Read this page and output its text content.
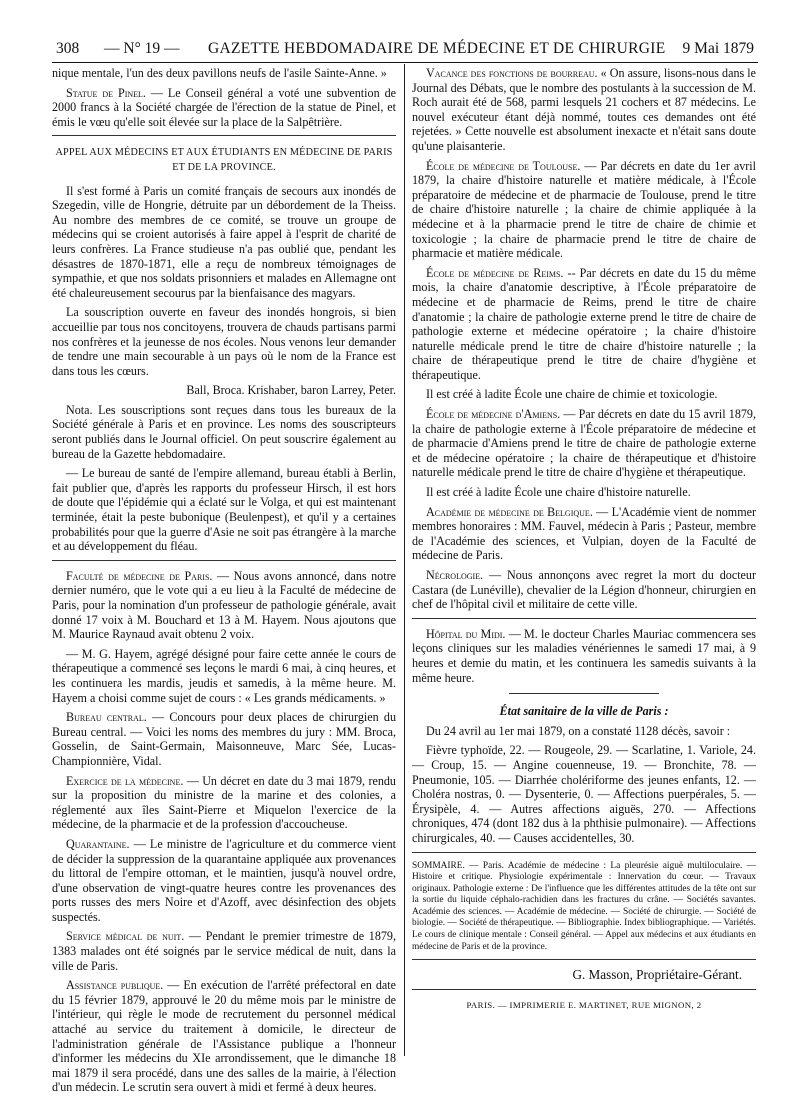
308 — N° 19 — GAZETTE HEBDOMADAIRE DE MÉDECINE ET DE CHIRURGIE 9 Mai 1879

nique mentale, l'un des deux pavillons neufs de l'asile Sainte-Anne. »

Statue de Pinel. — Le Conseil général a voté une subvention de 2000 francs à la Société chargée de l'érection de la statue de Pinel, et émis le vœu qu'elle soit élevée sur la place de la Salpêtrière.

APPEL AUX MÉDECINS ET AUX ÉTUDIANTS EN MÉDECINE DE PARIS ET DE LA PROVINCE.

Il s'est formé à Paris un comité français de secours aux inondés de Szegedin, ville de Hongrie, détruite par un débordement de la Theiss. Au nombre des membres de ce comité, se trouve un groupe de médecins qui se croient autorisés à faire appel à l'esprit de charité de leurs confrères. La France studieuse n'a pas oublié que, pendant les désastres de 1870-1871, elle a reçu de nombreux témoignages de sympathie, et que nos soldats prisonniers et malades en Allemagne ont été chaleureusement secourus par la bienfaisance des magyars.

La souscription ouverte en faveur des inondés hongrois, si bien accueillie par tous nos concitoyens, trouvera de chauds partisans parmi nos confrères et la jeunesse de nos écoles. Nous venons leur demander de tendre une main secourable à un pays où le nom de la France est dans tous les cœurs.

Ball, Broca. Krishaber, baron Larrey, Peter.

Nota. Les souscriptions sont reçues dans tous les bureaux de la Société générale à Paris et en province. Les noms des souscripteurs seront publiés dans le Journal officiel. On peut souscrire également au bureau de la Gazette hebdomadaire.

— Le bureau de santé de l'empire allemand, bureau établi à Berlin, fait publier que, d'après les rapports du professeur Hirsch, il est hors de doute que l'épidémie qui a éclaté sur le Volga, et qui est maintenant terminée, était la peste bubonique (Beulenpest), et qu'il y a certaines probabilités pour que la guerre d'Asie ne soit pas étrangère à la marche et au développement du fléau.

Faculté de médecine de Paris. — Nous avons annoncé, dans notre dernier numéro, que le vote qui a eu lieu à la Faculté de médecine de Paris, pour la nomination d'un professeur de pathologie générale, avait donné 17 voix à M. Bouchard et 13 à M. Hayem. Nous ajoutons que M. Maurice Raynaud avait obtenu 2 voix.

— M. G. Hayem, agrégé désigné pour faire cette année le cours de thérapeutique a commencé ses leçons le mardi 6 mai, à cinq heures, et les continuera les mardis, jeudis et samedis, à la même heure. M. Hayem a choisi comme sujet de cours : « Les grands médicaments. »

Bureau central. — Concours pour deux places de chirurgien du Bureau central. — Voici les noms des membres du jury : MM. Broca, Gosselin, de Saint-Germain, Maisonneuve, Marc Sée, Lucas-Championnière, Vidal.

Exercice de la médecine. — Un décret en date du 3 mai 1879, rendu sur la proposition du ministre de la marine et des colonies, a réglementé aux îles Saint-Pierre et Miquelon l'exercice de la médecine, de la pharmacie et de la profession d'accoucheuse.

Quarantaine. — Le ministre de l'agriculture et du commerce vient de décider la suppression de la quarantaine appliquée aux provenances du littoral de l'empire ottoman, et le maintien, jusqu'à nouvel ordre, d'une observation de vingt-quatre heures contre les provenances des ports russes des mers Noire et d'Azoff, avec désinfection des objets suspectés.

Service médical de nuit. — Pendant le premier trimestre de 1879, 1383 malades ont été soignés par le service médical de nuit, dans la ville de Paris.

Assistance publique. — En exécution de l'arrêté préfectoral en date du 15 février 1879, approuvé le 20 du même mois par le ministre de l'intérieur, qui règle le mode de recrutement du personnel médical attaché au service du traitement à domicile, le directeur de l'administration générale de l'Assistance publique a l'honneur d'informer les médecins du XIe arrondissement, que le dimanche 18 mai 1879 il sera procédé, dans une des salles de la mairie, à l'élection d'un médecin. Le scrutin sera ouvert à midi et fermé à deux heures.

Vacance des fonctions de bourreau. « On assure, lisons-nous dans le Journal des Débats, que le nombre des postulants à la succession de M. Roch aurait été de 568, parmi lesquels 21 cochers et 87 médecins. Le nouvel exécuteur étant déjà nommé, toutes ces demandes ont été rejetées. » Cette nouvelle est absolument inexacte et n'était sans doute qu'une plaisanterie.

École de médecine de Toulouse. — Par décrets en date du 1er avril 1879, la chaire d'histoire naturelle et matière médicale, à l'École préparatoire de médecine et de pharmacie de Toulouse, prend le titre de chaire d'histoire naturelle ; la chaire de chimie appliquée à la médecine et à la pharmacie prend le titre de chaire de chimie et toxicologie ; la chaire de pharmacie prend le titre de chaire de pharmacie et matière médicale.

École de médecine de Reims. -- Par décrets en date du 15 du même mois, la chaire d'anatomie descriptive, à l'École préparatoire de médecine et de pharmacie de Reims, prend le titre de chaire d'anatomie ; la chaire de pathologie externe prend le titre de chaire de pathologie externe et médecine opératoire ; la chaire d'histoire naturelle médicale prend le titre de chaire d'histoire naturelle ; la chaire de thérapeutique prend le titre de chaire d'hygiène et thérapeutique.

Il est créé à ladite École une chaire de chimie et toxicologie.

École de médecine d'Amiens. — Par décrets en date du 15 avril 1879, la chaire de pathologie externe à l'École préparatoire de médecine et de pharmacie d'Amiens prend le titre de chaire de pathologie externe et de médecine opératoire ; la chaire de thérapeutique et d'histoire naturelle médicale prend le titre de chaire d'hygiène et thérapeutique.

Il est créé à ladite École une chaire d'histoire naturelle.

Académie de médecine de Belgique. — L'Académie vient de nommer membres honoraires : MM. Fauvel, médecin à Paris ; Pasteur, membre de l'Académie des sciences, et Vulpian, doyen de la Faculté de médecine de Paris.

Nécrologie. — Nous annonçons avec regret la mort du docteur Castara (de Lunéville), chevalier de la Légion d'honneur, chirurgien en chef de l'hôpital civil et militaire de cette ville.

Hôpital du Midi. — M. le docteur Charles Mauriac commencera ses leçons cliniques sur les maladies vénériennes le samedi 17 mai, à 9 heures et demie du matin, et les continuera les samedis suivants à la même heure.

État sanitaire de la ville de Paris :

Du 24 avril au 1er mai 1879, on a constaté 1128 décès, savoir :

Fièvre typhoïde, 22. — Rougeole, 29. — Scarlatine, 1. Variole, 24. — Croup, 15. — Angine couenneuse, 19. — Bronchite, 78. — Pneumonie, 105. — Diarrhée cholériforme des jeunes enfants, 12. — Choléra nostras, 0. — Dysenterie, 0. — Affections puerpérales, 5. — Érysipèle, 4. — Autres affections aiguës, 270. — Affections chroniques, 474 (dont 182 dus à la phthisie pulmonaire). — Affections chirurgicales, 40. — Causes accidentelles, 30.

SOMMAIRE. — Paris. Académie de médecine : La pleurésie aiguë multiloculaire. — Histoire et critique. Physiologie expérimentale : Innervation du cœur. — Travaux originaux. Pathologie externe : De l'influence que les différentes attitudes de la tête ont sur la sortie du liquide céphalo-rachidien dans les fractures du crâne. — Sociétés savantes. Académie des sciences. — Académie de médecine. — Société de chirurgie. — Société de biologie. — Société de thérapeutique. — Bibliographie. Index bibliographique. — Variétés. Le cours de clinique mentale : Conseil général. — Appel aux médecins et aux étudiants en médecine de Paris et de la province.

G. Masson, Propriétaire-Gérant.
PARIS. — IMPRIMERIE E. MARTINET, RUE MIGNON, 2
